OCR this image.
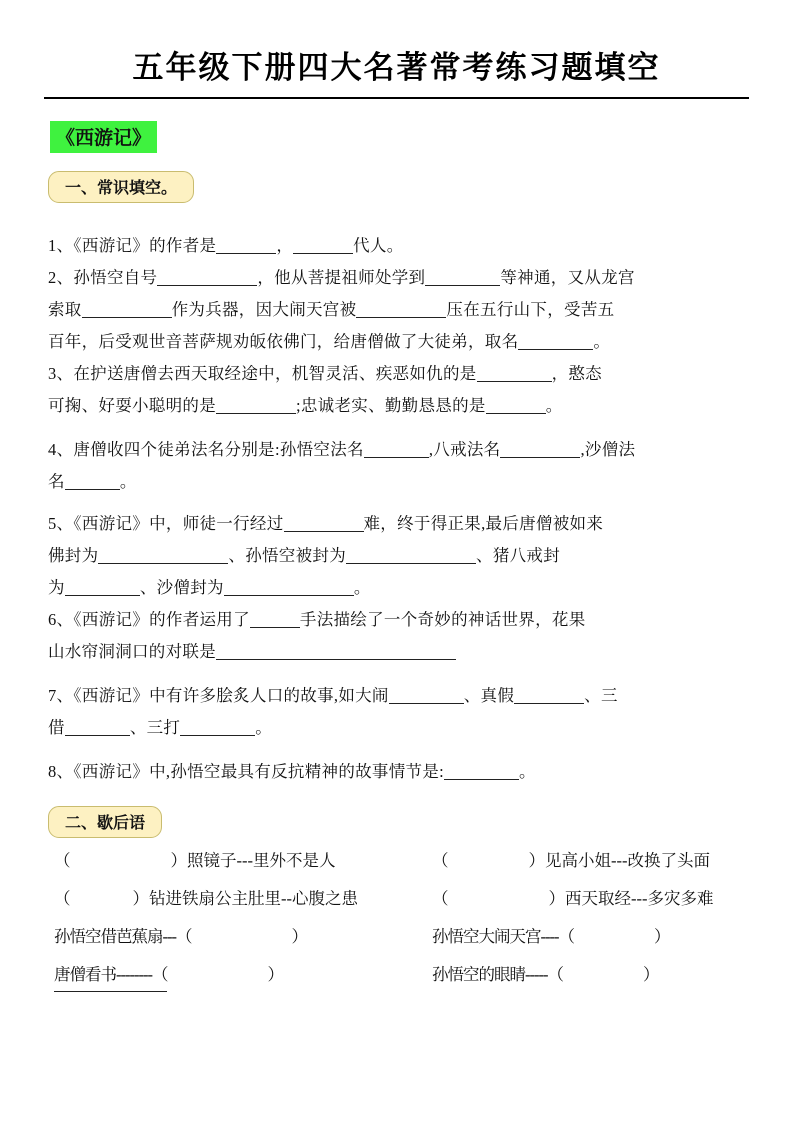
五年级下册四大名著常考练习题填空
《西游记》
一、常识填空。

1、《西游记》的作者是	，	代人。

2、孙悟空自号	，他从菩提祖师处学到	等神通，又从龙宫

索取	作为兵器，因大闹天宫被	压在五行山下，受苦五

百年，后受观世音菩萨规劝皈依佛门，给唐僧做了大徒弟，取名	。

3、在护送唐僧去西天取经途中，机智灵活、疾恶如仇的是	，憨态

可掬、好耍小聪明的是	;忠诚老实、勤勤恳恳的是	。

4、唐僧收四个徒弟法名分别是:孙悟空法名	,八戒法名	,沙僧法

名	。

5、《西游记》中，师徒一行经过	难，终于得正果,最后唐僧被如来

佛封为	、孙悟空被封为	、猪八戒封

为	、沙僧封为	。

6、《西游记》的作者运用了	手法描绘了一个奇妙的神话世界，花果

山水帘洞洞口的对联是

7、《西游记》中有许多脍炙人口的故事,如大闹	、真假	、三

借	、三打	。

8、《西游记》中,孙悟空最具有反抗精神的故事情节是:	。

二、歇后语
（	）照镜子---里外不是人	（	）见高小姐---改换了头面
（	）钻进铁扇公主肚里--心腹之患	（	）西天取经---多灾多难
孙悟空借芭蕉扇---（	）	孙悟空大闹天宫----（	）
唐僧看书--------（	）	孙悟空的眼睛-----（	）
